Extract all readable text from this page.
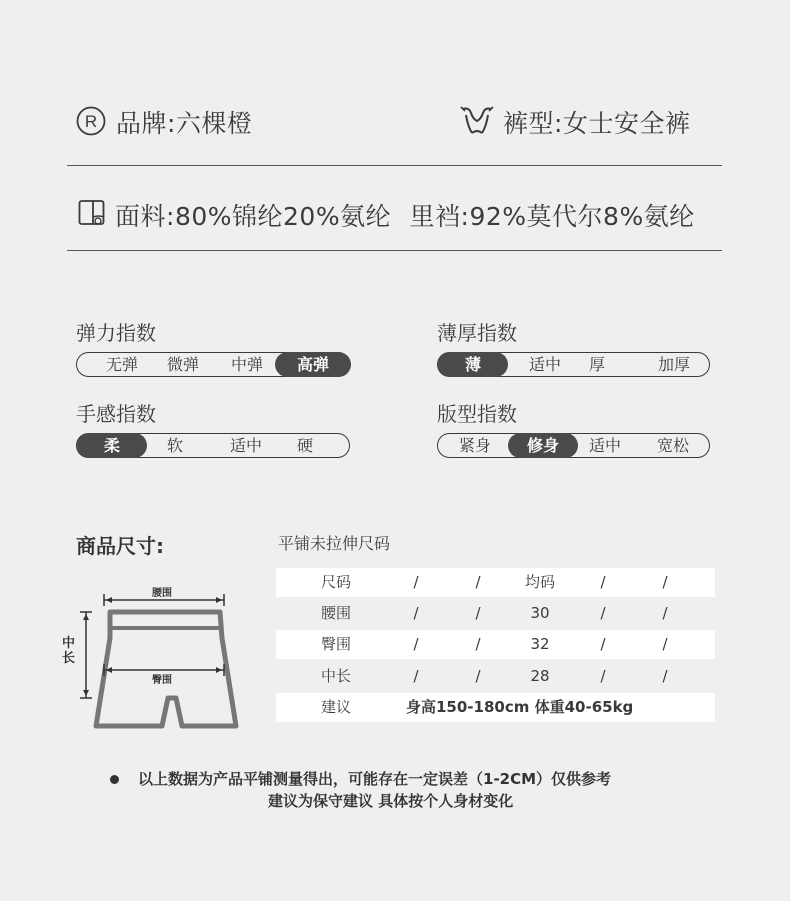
R 品牌:六棵橙	裤型:女士安全裤
面料:80%锦纶20%氨纶 里裆:92%莫代尔8%氨纶
弹力指数
无弹	微弹	中弹	高弹
薄厚指数
薄	适中	厚	加厚
手感指数
柔	软	适中	硬
版型指数
紧身	修身	适中	宽松
商品尺寸:	平铺未拉伸尺码
腰围
臀围
中长
尺码	/	/	均码	/	/
腰围	/	/	30	/	/
臀围	/	/	32	/	/
中长	/	/	28	/	/
建议	身高150-180cm 体重40-65kg
以上数据为产品平铺测量得出，可能存在一定误差（1-2CM）仅供参考
建议为保守建议 具体按个人身材变化
